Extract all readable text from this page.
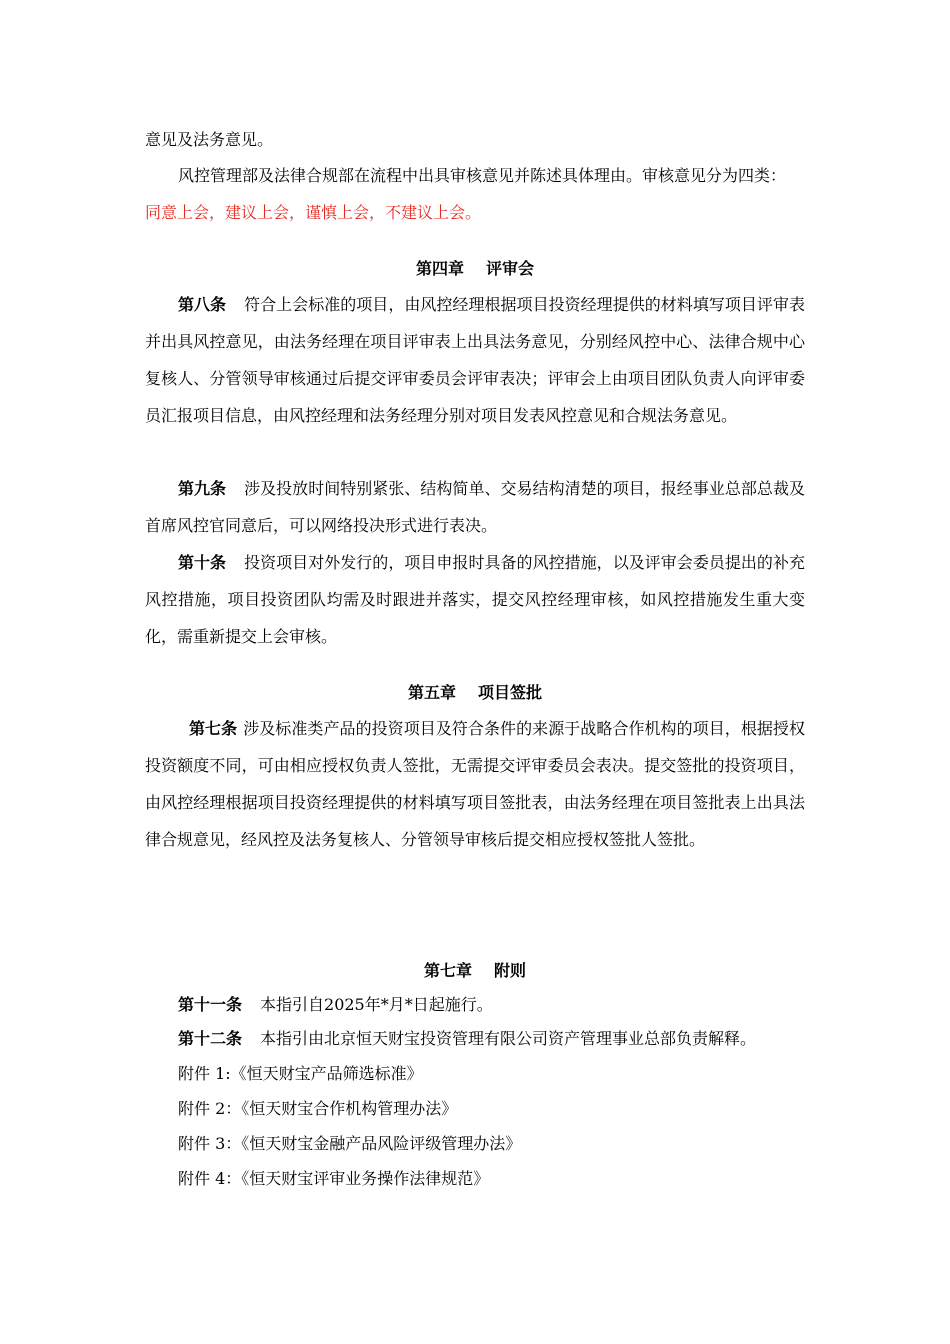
意见及法务意见。

风控管理部及法律合规部在流程中出具审核意见并陈述具体理由。审核意见分为四类：
同意上会，建议上会，谨慎上会，不建议上会。

第四章 评审会

第八条 符合上会标准的项目，由风控经理根据项目投资经理提供的材料填写项目评审表并出具风控意见，由法务经理在项目评审表上出具法务意见，分别经风控中心、法律合规中心复核人、分管领导审核通过后提交评审委员会评审表决；评审会上由项目团队负责人向评审委员汇报项目信息，由风控经理和法务经理分别对项目发表风控意见和合规法务意见。

第九条 涉及投放时间特别紧张、结构简单、交易结构清楚的项目，报经事业总部总裁及首席风控官同意后，可以网络投决形式进行表决。

第十条 投资项目对外发行的，项目申报时具备的风控措施，以及评审会委员提出的补充风控措施，项目投资团队均需及时跟进并落实，提交风控经理审核，如风控措施发生重大变化，需重新提交上会审核。

第五章 项目签批

第七条 涉及标准类产品的投资项目及符合条件的来源于战略合作机构的项目，根据授权投资额度不同，可由相应授权负责人签批，无需提交评审委员会表决。提交签批的投资项目，由风控经理根据项目投资经理提供的材料填写项目签批表，由法务经理在项目签批表上出具法律合规意见，经风控及法务复核人、分管领导审核后提交相应授权签批人签批。

第七章 附则

第十一条 本指引自2025年*月*日起施行。

第十二条 本指引由北京恒天财宝投资管理有限公司资产管理事业总部负责解释。

附件 1:《恒天财宝产品筛选标准》

附件 2：《恒天财宝合作机构管理办法》

附件 3：《恒天财宝金融产品风险评级管理办法》

附件 4：《恒天财宝评审业务操作法律规范》
